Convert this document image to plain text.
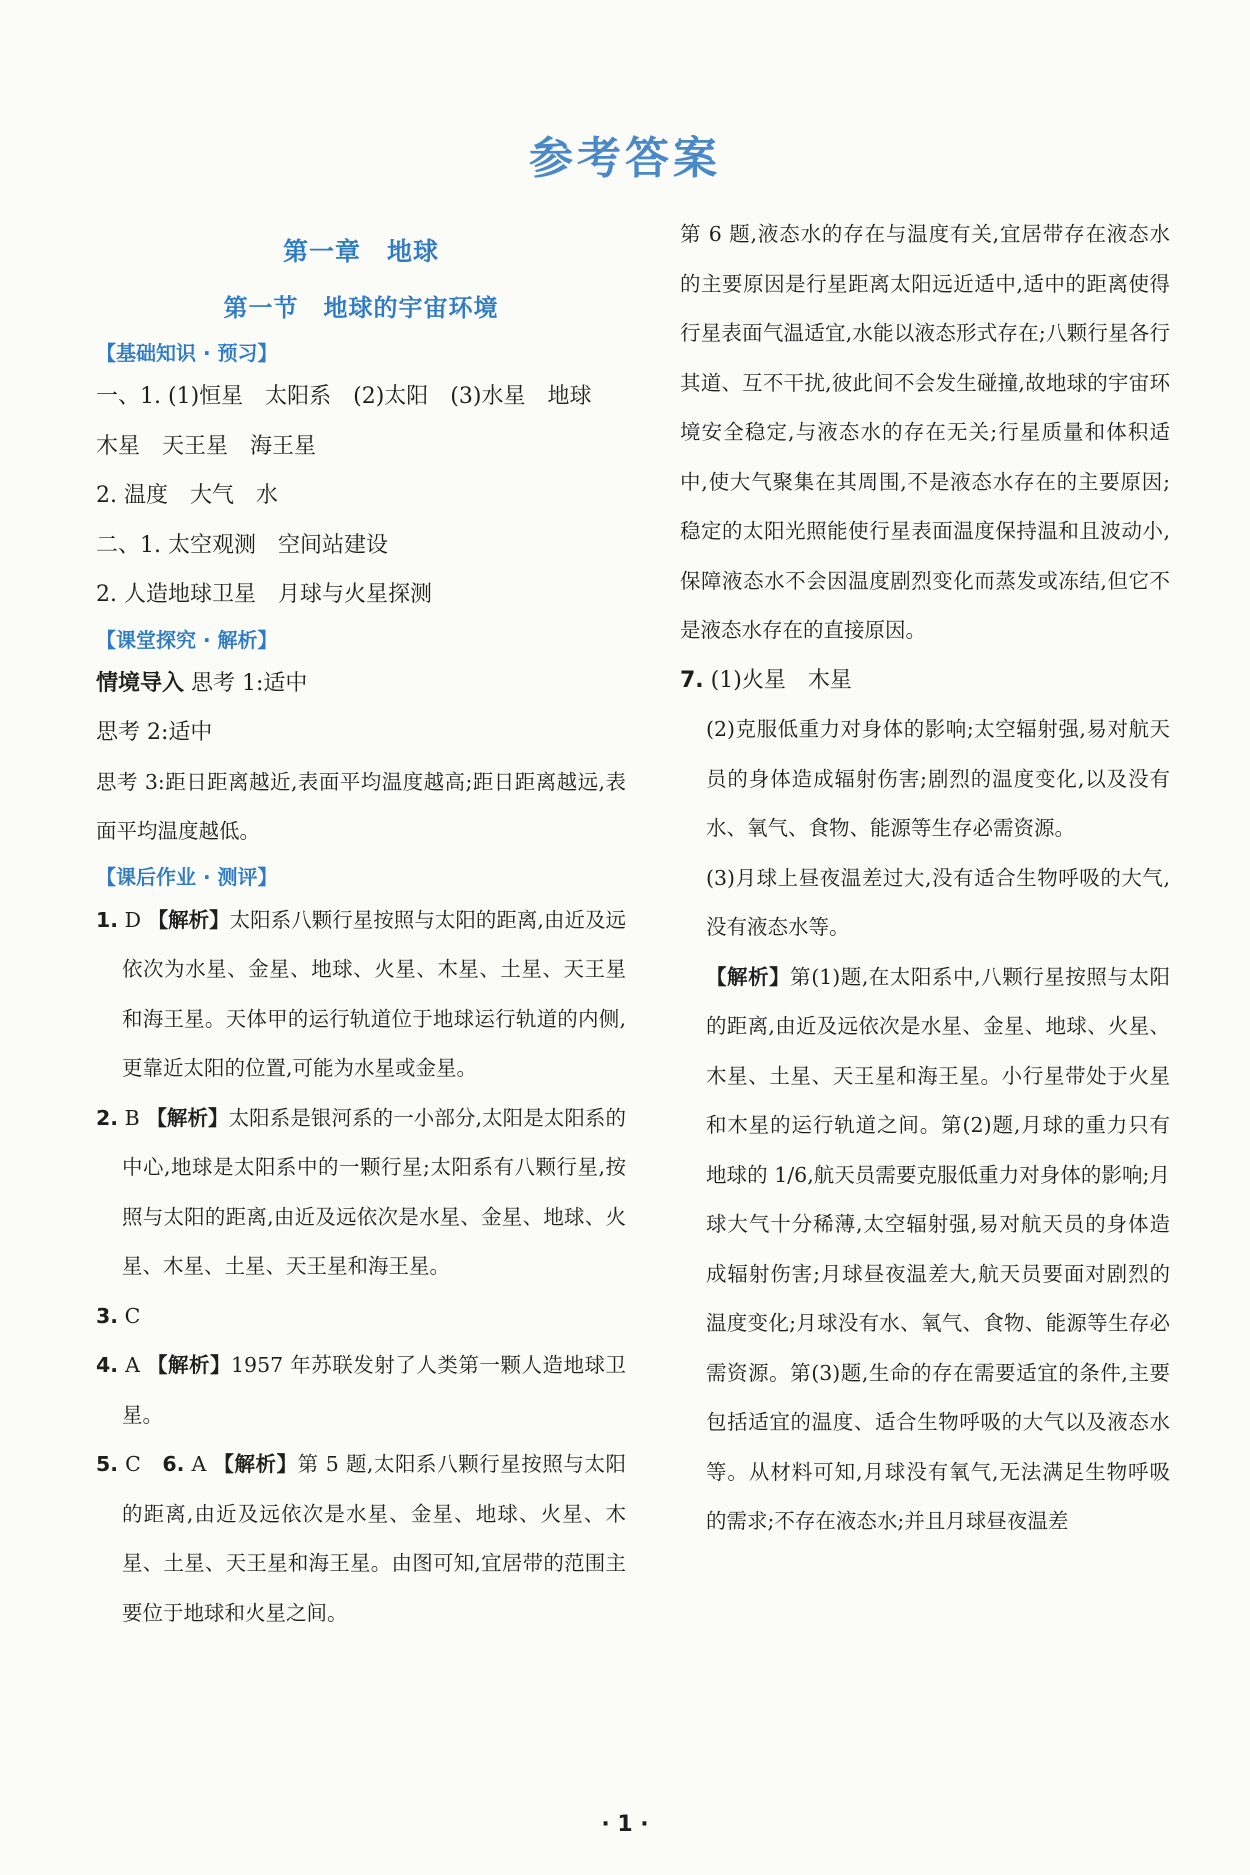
参考答案
第一章　地球
第一节　地球的宇宙环境
【基础知识 · 预习】
一、1. (1)恒星　太阳系　(2)太阳　(3)水星　地球
木星　天王星　海王星
2. 温度　大气　水
二、1. 太空观测　空间站建设
2. 人造地球卫星　月球与火星探测
【课堂探究 · 解析】
情境导入 思考 1:适中
思考 2:适中
思考 3:距日距离越近,表面平均温度越高;距日距离越远,表面平均温度越低。
【课后作业 · 测评】
1. D 【解析】太阳系八颗行星按照与太阳的距离,由近及远依次为水星、金星、地球、火星、木星、土星、天王星和海王星。天体甲的运行轨道位于地球运行轨道的内侧,更靠近太阳的位置,可能为水星或金星。
2. B 【解析】太阳系是银河系的一小部分,太阳是太阳系的中心,地球是太阳系中的一颗行星;太阳系有八颗行星,按照与太阳的距离,由近及远依次是水星、金星、地球、火星、木星、土星、天王星和海王星。
3. C
4. A 【解析】1957 年苏联发射了人类第一颗人造地球卫星。
5. C　6. A 【解析】第 5 题,太阳系八颗行星按照与太阳的距离,由近及远依次是水星、金星、地球、火星、木星、土星、天王星和海王星。由图可知,宜居带的范围主要位于地球和火星之间。
第 6 题,液态水的存在与温度有关,宜居带存在液态水的主要原因是行星距离太阳远近适中,适中的距离使得行星表面气温适宜,水能以液态形式存在;八颗行星各行其道、互不干扰,彼此间不会发生碰撞,故地球的宇宙环境安全稳定,与液态水的存在无关;行星质量和体积适中,使大气聚集在其周围,不是液态水存在的主要原因;稳定的太阳光照能使行星表面温度保持温和且波动小,保障液态水不会因温度剧烈变化而蒸发或冻结,但它不是液态水存在的直接原因。
7. (1)火星　木星
(2)克服低重力对身体的影响;太空辐射强,易对航天员的身体造成辐射伤害;剧烈的温度变化,以及没有水、氧气、食物、能源等生存必需资源。
(3)月球上昼夜温差过大,没有适合生物呼吸的大气,没有液态水等。
【解析】第(1)题,在太阳系中,八颗行星按照与太阳的距离,由近及远依次是水星、金星、地球、火星、木星、土星、天王星和海王星。小行星带处于火星和木星的运行轨道之间。第(2)题,月球的重力只有地球的 1/6,航天员需要克服低重力对身体的影响;月球大气十分稀薄,太空辐射强,易对航天员的身体造成辐射伤害;月球昼夜温差大,航天员要面对剧烈的温度变化;月球没有水、氧气、食物、能源等生存必需资源。第(3)题,生命的存在需要适宜的条件,主要包括适宜的温度、适合生物呼吸的大气以及液态水等。从材料可知,月球没有氧气,无法满足生物呼吸的需求;不存在液态水;并且月球昼夜温差
· 1 ·
